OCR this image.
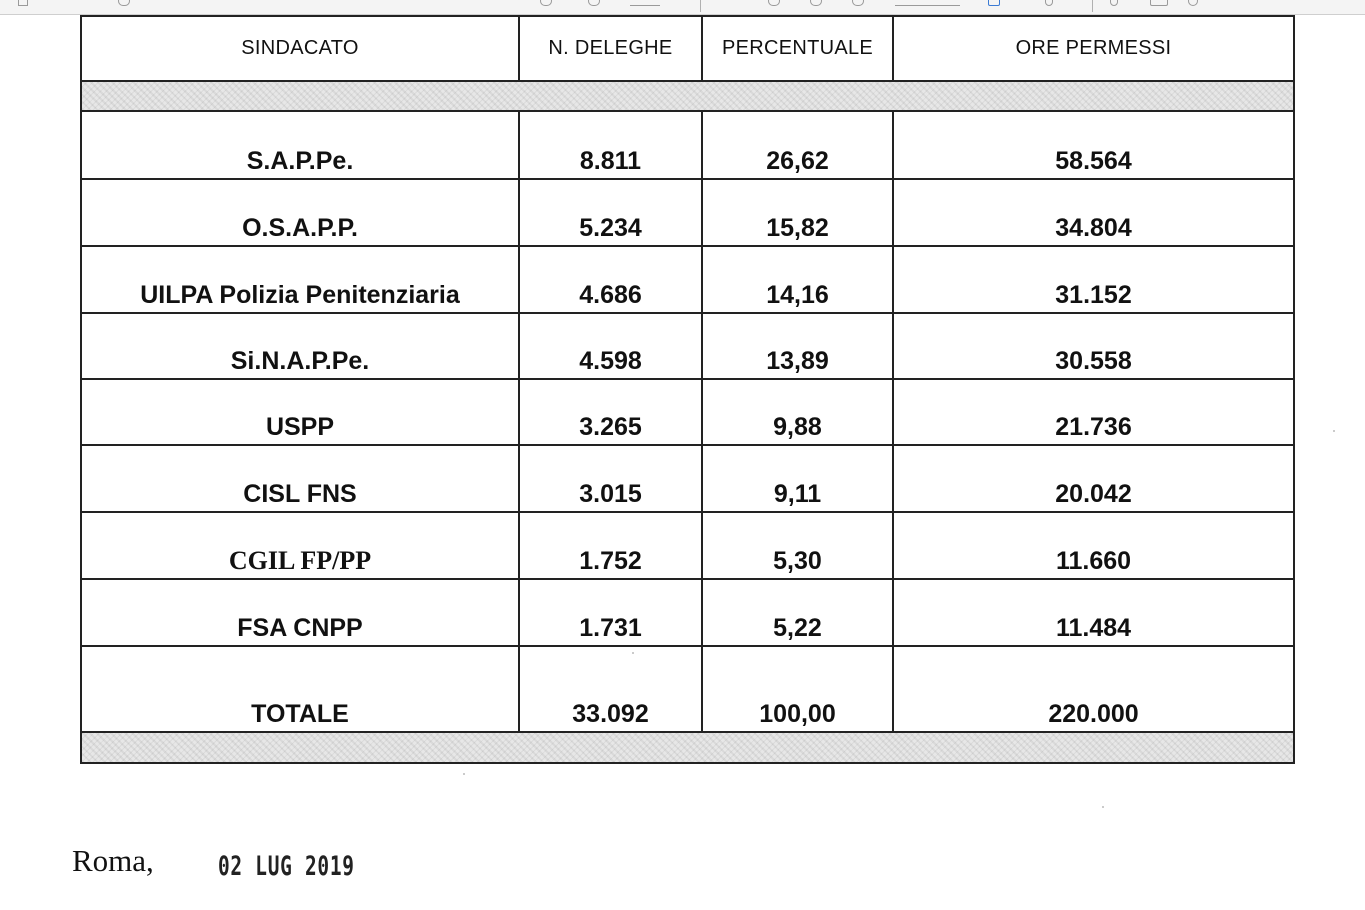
SINDACATO	N. DELEGHE	PERCENTUALE	ORE PERMESSI
S.A.P.Pe.	8.811	26,62	58.564
O.S.A.P.P.	5.234	15,82	34.804
UILPA Polizia Penitenziaria	4.686	14,16	31.152
Si.N.A.P.Pe.	4.598	13,89	30.558
USPP	3.265	9,88	21.736
CISL FNS	3.015	9,11	20.042
CGIL FP/PP	1.752	5,30	11.660
FSA CNPP	1.731	5,22	11.484
TOTALE	33.092	100,00	220.000
Roma, 02 LUG 2019
